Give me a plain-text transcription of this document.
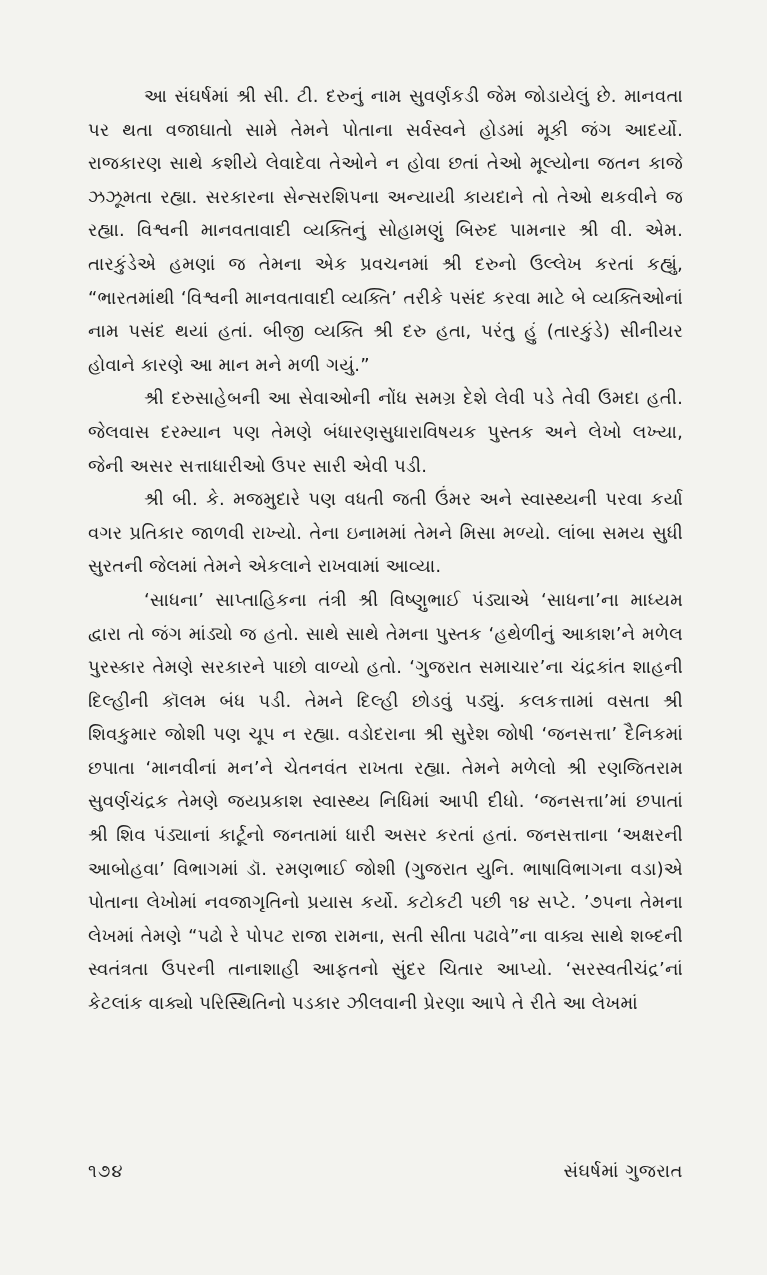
આ સંઘર્ષમાં શ્રી સી. ટી. દરુનું નામ સુવર્ણકડી જેમ જોડાયેલું છે. માનવતા પર થતા વજાઘાતો સામે તેમને પોતાના સર્વસ્વને હોડમાં મૂકી જંગ આદર્યો. રાજકારણ સાથે કશીયે લેવાદેવા તેઓને ન હોવા છતાં તેઓ મૂલ્યોના જતન કાજે ઝઝૂમતા રહ્યા. સરકારના સેન્સરશિપના અન્યાયી કાયદાને તો તેઓ થકવીને જ રહ્યા. વિશ્વની માનવતાવાદી વ્યક્તિનું સોહામણું બિરુદ પામનાર શ્રી વી. એમ. તારકુંડેએ હમણાં જ તેમના એક પ્રવચનમાં શ્રી દરુનો ઉલ્લેખ કરતાં કહ્યું, “ભારતમાંથી ‘વિશ્વની માનવતાવાદી વ્યક્તિ’ તરીકે પસંદ કરવા માટે બે વ્યક્તિઓનાં નામ પસંદ થયાં હતાં. બીજી વ્યક્તિ શ્રી દરુ હતા, પરંતુ હું (તારકુંડે) સીનીયર હોવાને કારણે આ માન મને મળી ગયું.”

શ્રી દરુસાહેબની આ સેવાઓની નોંધ સમગ્ર દેશે લેવી પડે તેવી ઉમદા હતી. જેલવાસ દરમ્યાન પણ તેમણે બંધારણસુધારાવિષયક પુસ્તક અને લેખો લખ્યા, જેની અસર સત્તાધારીઓ ઉપર સારી એવી પડી.

શ્રી બી. કે. મજમુદારે પણ વધતી જતી ઉંમર અને સ્વાસ્થ્યની પરવા કર્યા વગર પ્રતિકાર જાળવી રાખ્યો. તેના ઇનામમાં તેમને મિસા મળ્યો. લાંબા સમય સુધી સુરતની જેલમાં તેમને એકલાને રાખવામાં આવ્યા.

‘સાધના’ સાપ્તાહિકના તંત્રી શ્રી વિષ્ણુભાઈ પંડ્યાએ ‘સાધના’ના માધ્યમ દ્વારા તો જંગ માંડ્યો જ હતો. સાથે સાથે તેમના પુસ્તક ‘હથેળીનું આકાશ’ને મળેલ પુરસ્કાર તેમણે સરકારને પાછો વાળ્યો હતો. ‘ગુજરાત સમાચાર’ના ચંદ્રકાંત શાહની દિલ્હીની કૉલમ બંધ પડી. તેમને દિલ્હી છોડવું પડ્યું. કલકત્તામાં વસતા શ્રી શિવકુમાર જોશી પણ ચૂપ ન રહ્યા. વડોદરાના શ્રી સુરેશ જોષી ‘જનસત્તા’ દૈનિકમાં છપાતા ‘માનવીનાં મન’ને ચેતનવંત રાખતા રહ્યા. તેમને મળેલો શ્રી રણજિતરામ સુવર્ણચંદ્રક તેમણે જયપ્રકાશ સ્વાસ્થ્ય નિધિમાં આપી દીધો. ‘જનસત્તા’માં છપાતાં શ્રી શિવ પંડ્યાનાં કાર્ટૂનો જનતામાં ધારી અસર કરતાં હતાં. જનસત્તાના ‘અક્ષરની આબોહવા’ વિભાગમાં ડૉ. રમણભાઈ જોશી (ગુજરાત યુનિ. ભાષાવિભાગના વડા)એ પોતાના લેખોમાં નવજાગૃતિનો પ્રયાસ કર્યો. કટોકટી પછી ૧૪ સપ્ટે. ’૭૫ના તેમના લેખમાં તેમણે “પઢો રે પોપટ રાજા રામના, સતી સીતા પઢાવે”ના વાક્ય સાથે શબ્દની સ્વતંત્રતા ઉપરની તાનાશાહી આફતનો સુંદર ચિતાર આપ્યો. ‘સરસ્વતીચંદ્ર’નાં કેટલાંક વાક્યો પરિસ્થિતિનો પડકાર ઝીલવાની પ્રેરણા આપે તે રીતે આ લેખમાં

૧૭૪	સંઘર્ષમાં ગુજરાત
